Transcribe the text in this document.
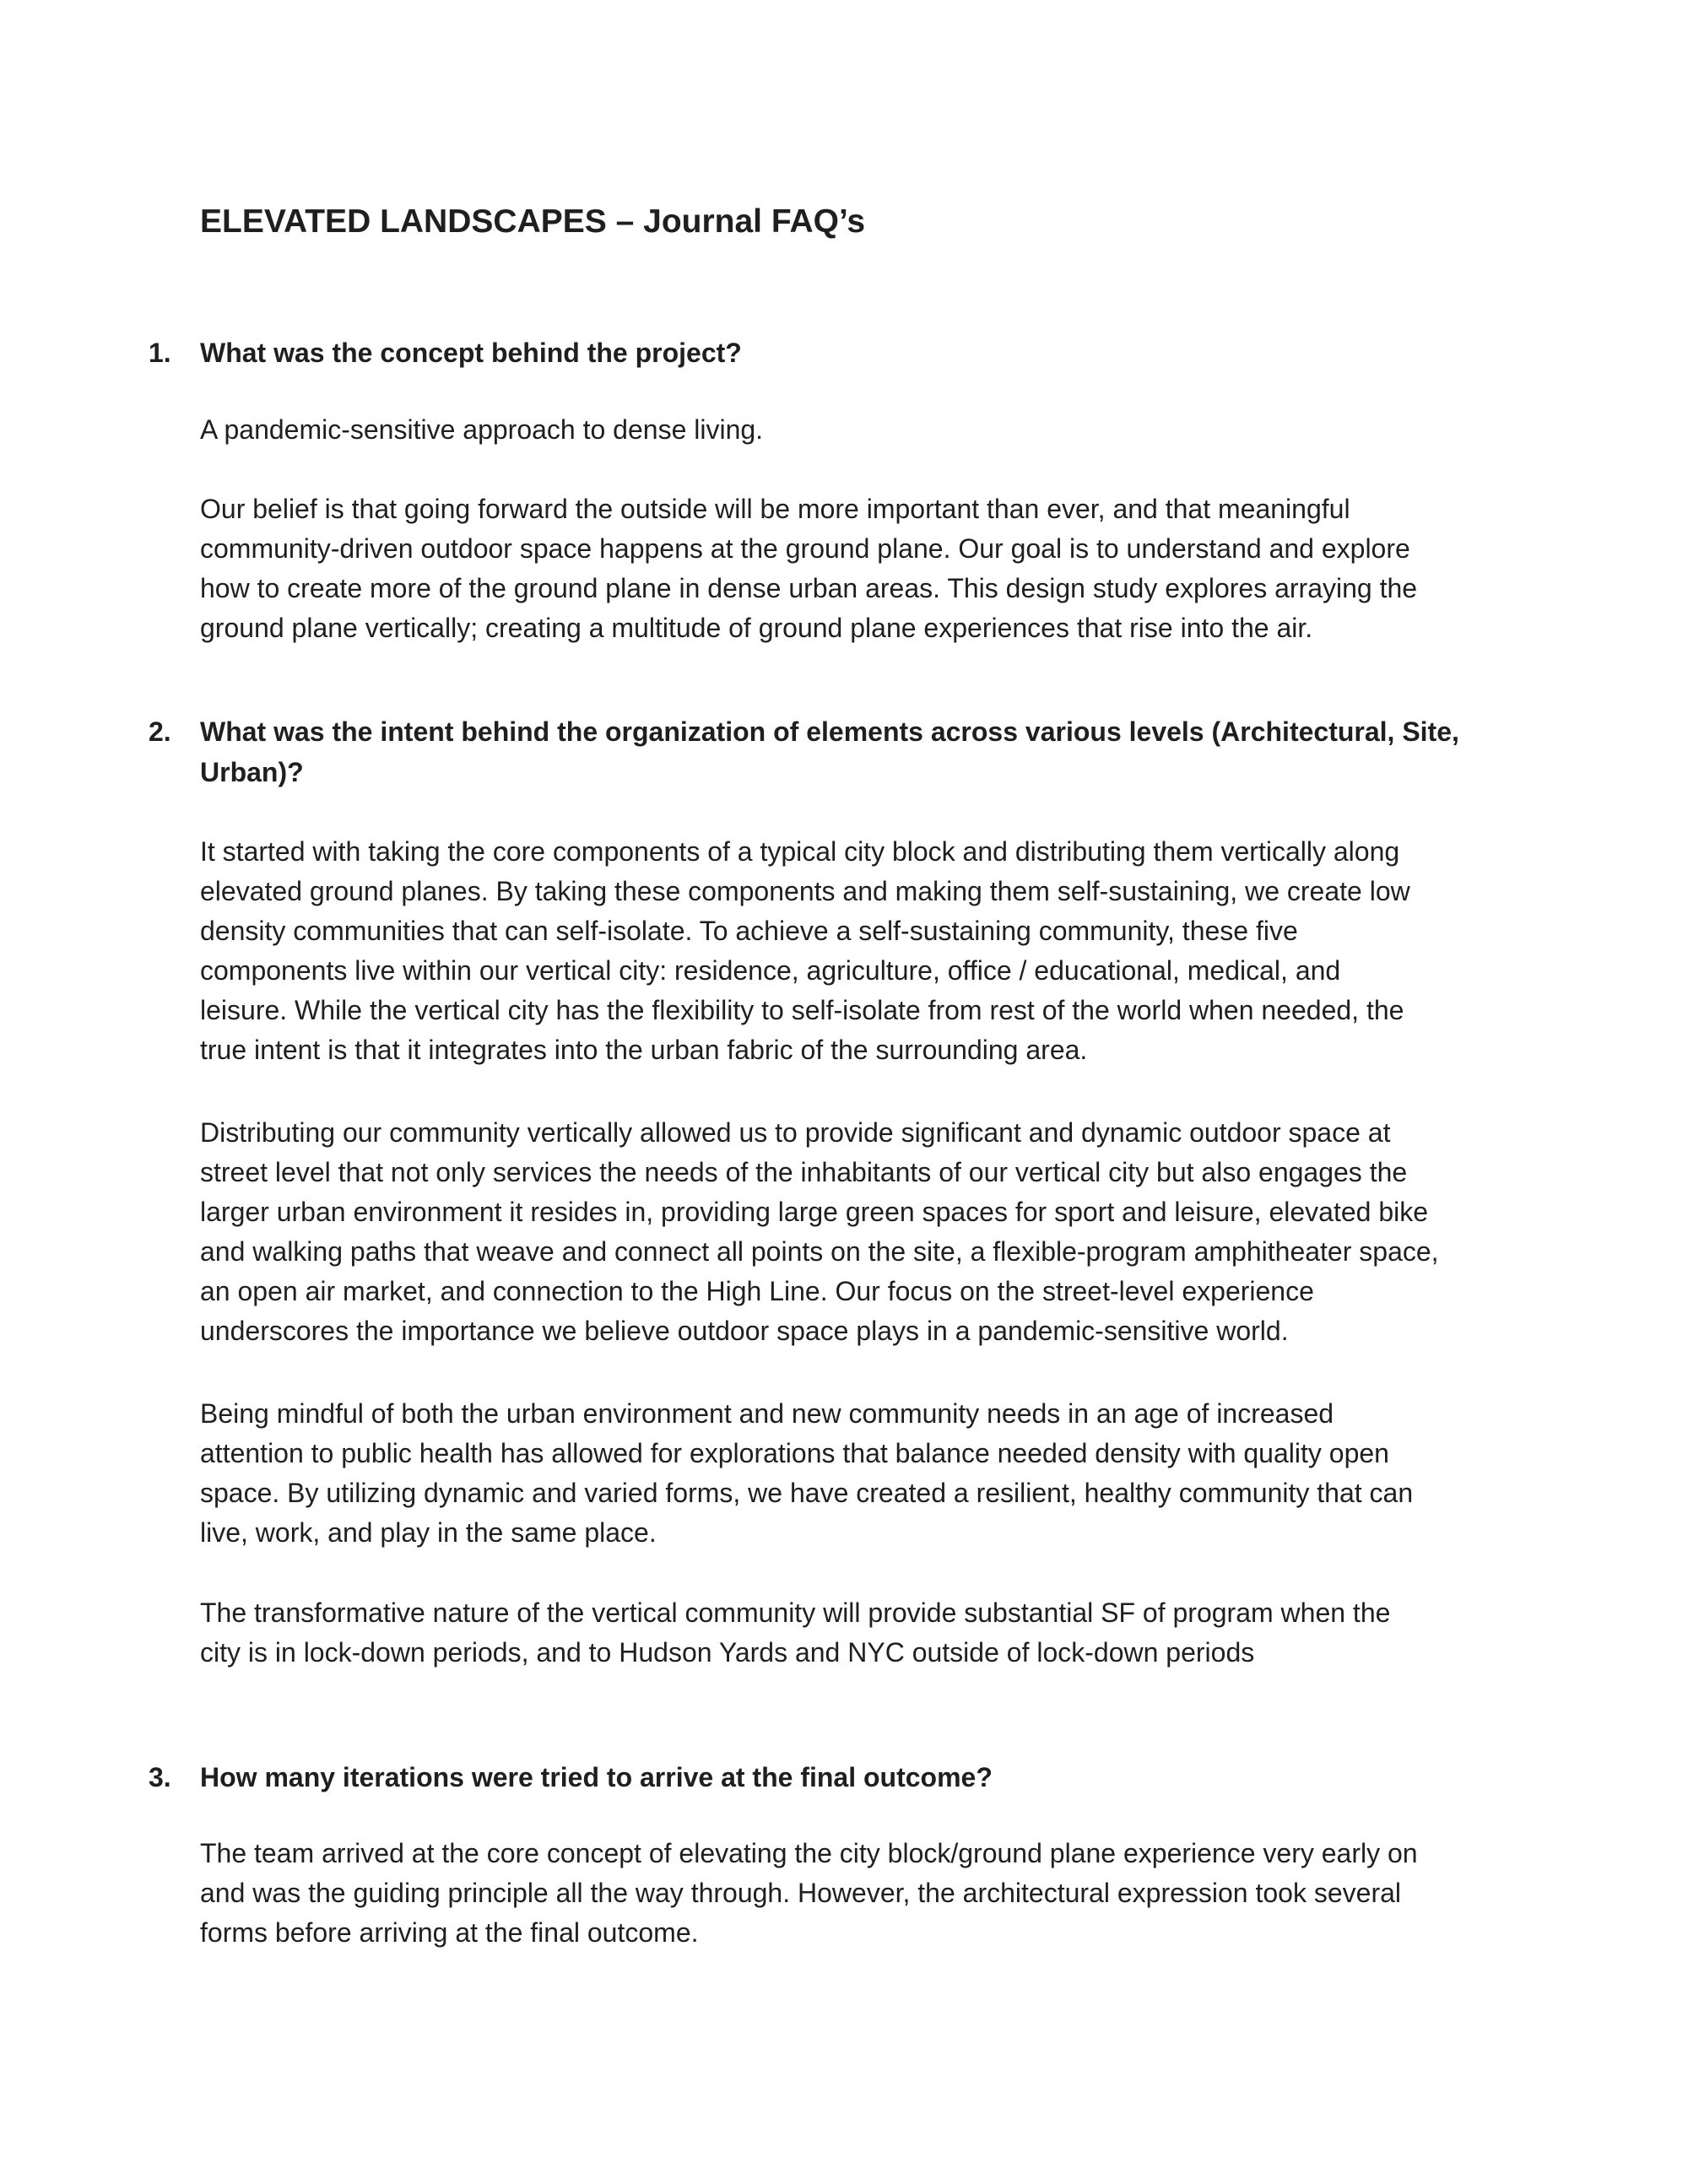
ELEVATED LANDSCAPES – Journal FAQ’s
1.	What was the concept behind the project?

A pandemic-sensitive approach to dense living.

Our belief is that going forward the outside will be more important than ever, and that meaningful
community-driven outdoor space happens at the ground plane. Our goal is to understand and explore
how to create more of the ground plane in dense urban areas. This design study explores arraying the
ground plane vertically; creating a multitude of ground plane experiences that rise into the air.

2.	What was the intent behind the organization of elements across various levels (Architectural, Site,
Urban)?

It started with taking the core components of a typical city block and distributing them vertically along
elevated ground planes. By taking these components and making them self-sustaining, we create low
density communities that can self-isolate. To achieve a self-sustaining community, these five
components live within our vertical city: residence, agriculture, office / educational, medical, and
leisure. While the vertical city has the flexibility to self-isolate from rest of the world when needed, the
true intent is that it integrates into the urban fabric of the surrounding area.

Distributing our community vertically allowed us to provide significant and dynamic outdoor space at
street level that not only services the needs of the inhabitants of our vertical city but also engages the
larger urban environment it resides in, providing large green spaces for sport and leisure, elevated bike
and walking paths that weave and connect all points on the site, a flexible-program amphitheater space,
an open air market, and connection to the High Line. Our focus on the street-level experience
underscores the importance we believe outdoor space plays in a pandemic-sensitive world.

Being mindful of both the urban environment and new community needs in an age of increased
attention to public health has allowed for explorations that balance needed density with quality open
space. By utilizing dynamic and varied forms, we have created a resilient, healthy community that can
live, work, and play in the same place.

The transformative nature of the vertical community will provide substantial SF of program when the
city is in lock-down periods, and to Hudson Yards and NYC outside of lock-down periods

3.	How many iterations were tried to arrive at the final outcome?

The team arrived at the core concept of elevating the city block/ground plane experience very early on
and was the guiding principle all the way through. However, the architectural expression took several
forms before arriving at the final outcome.
